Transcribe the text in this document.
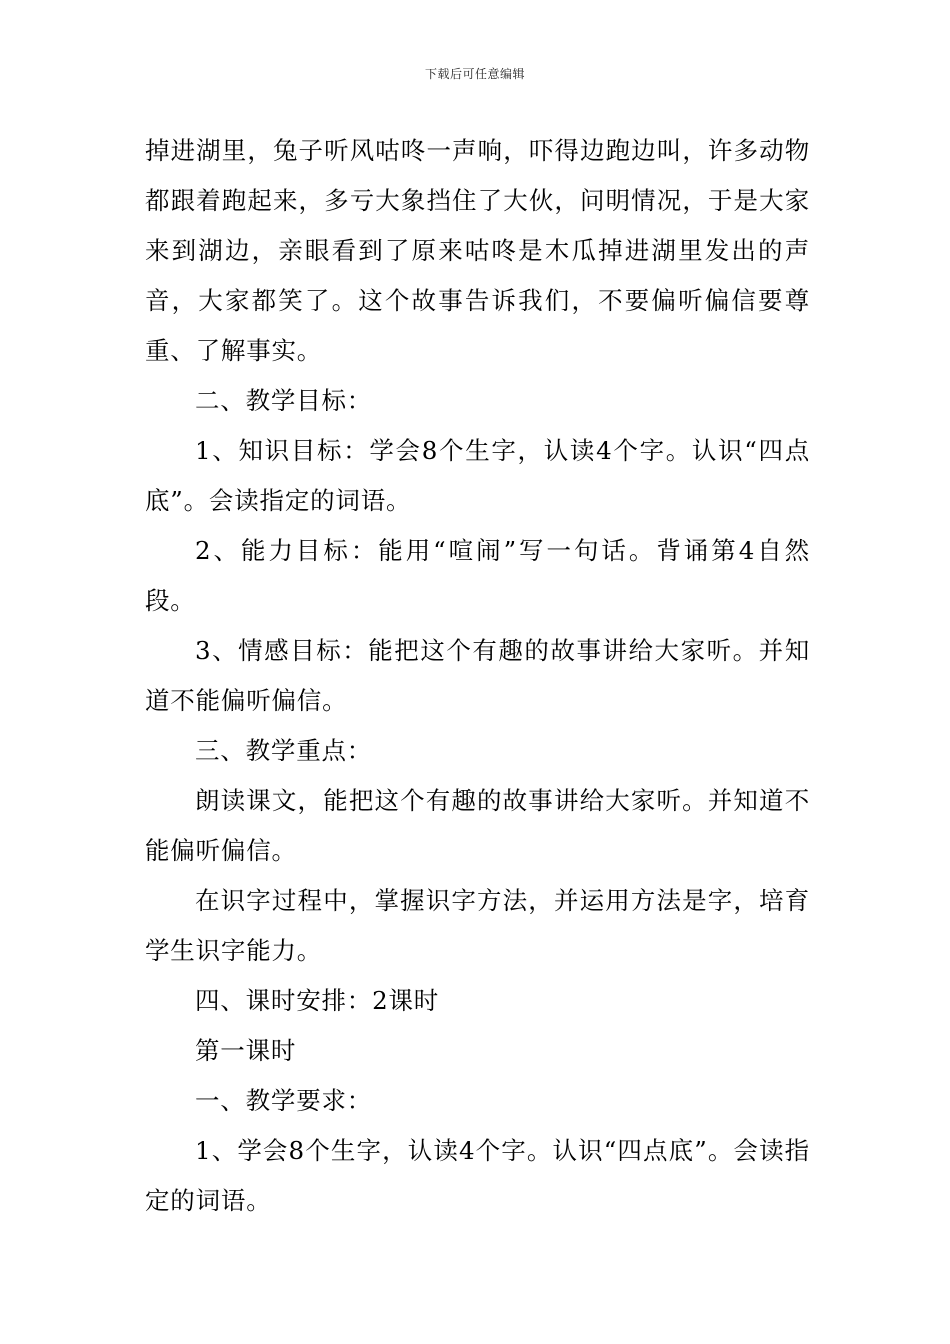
下载后可任意编辑

掉进湖里，兔子听风咕咚一声响，吓得边跑边叫，许多动物都跟着跑起来，多亏大象挡住了大伙，问明情况，于是大家来到湖边，亲眼看到了原来咕咚是木瓜掉进湖里发出的声音，大家都笑了。这个故事告诉我们，不要偏听偏信要尊重、了解事实。

二、教学目标：

1、知识目标：学会8个生字，认读4个字。认识“四点底”。会读指定的词语。

2、能力目标：能用“喧闹”写一句话。背诵第4自然段。

3、情感目标：能把这个有趣的故事讲给大家听。并知道不能偏听偏信。

三、教学重点：

朗读课文，能把这个有趣的故事讲给大家听。并知道不能偏听偏信。

在识字过程中，掌握识字方法，并运用方法是字，培育学生识字能力。

四、课时安排：2课时

第一课时

一、教学要求：

1、学会8个生字，认读4个字。认识“四点底”。会读指定的词语。
